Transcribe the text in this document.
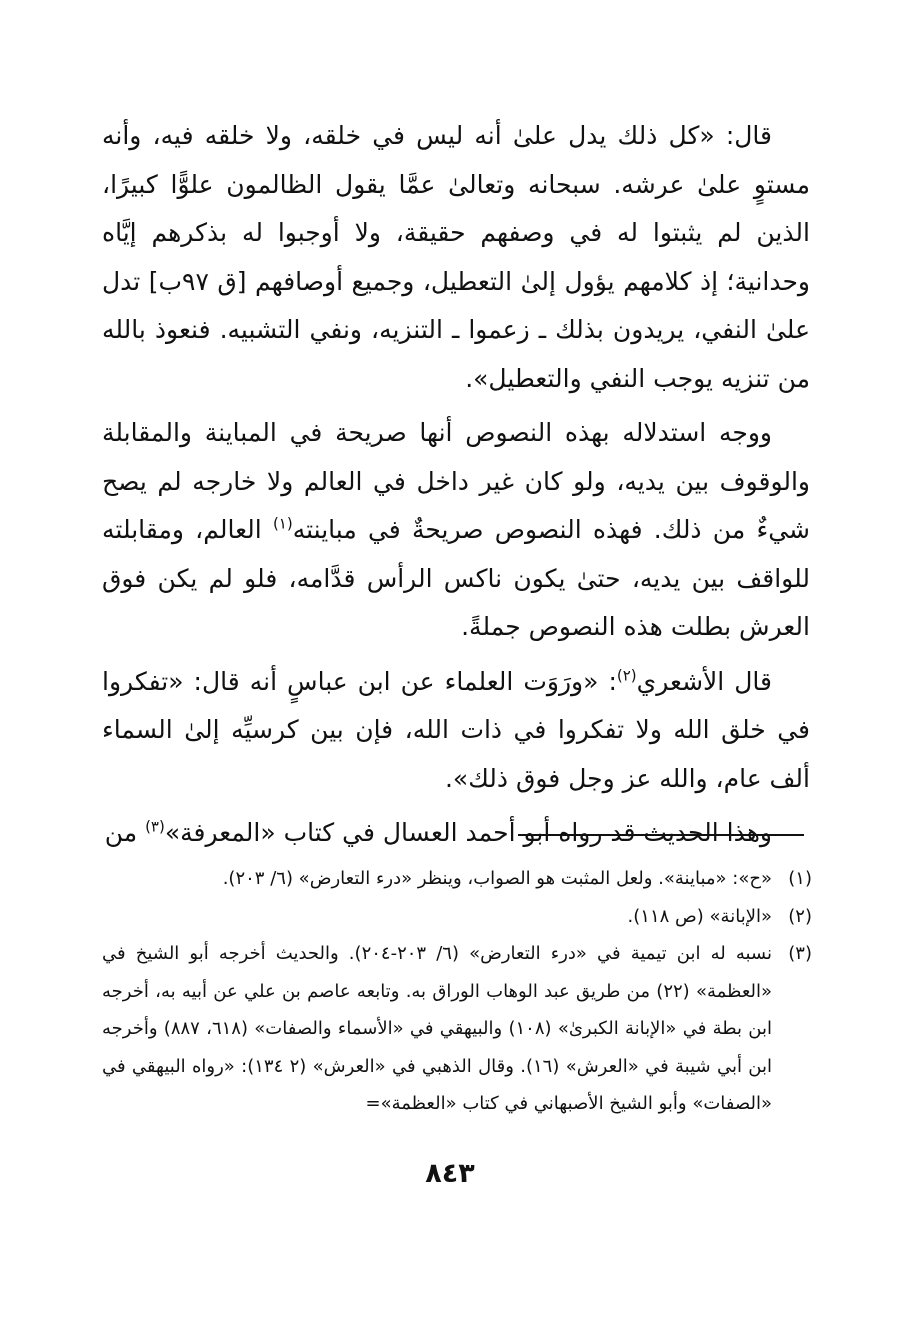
قال: «كل ذلك يدل علىٰ أنه ليس في خلقه، ولا خلقه فيه، وأنه مستوٍ علىٰ عرشه. سبحانه وتعالىٰ عمَّا يقول الظالمون علوًّا كبيرًا، الذين لم يثبتوا له في وصفهم حقيقة، ولا أوجبوا له بذكرهم إيَّاه وحدانية؛ إذ كلامهم يؤول إلىٰ التعطيل، وجميع أوصافهم [ق ٩٧ب] تدل علىٰ النفي، يريدون بذلك ـ زعموا ـ التنزيه، ونفي التشبيه. فنعوذ بالله من تنزيه يوجب النفي والتعطيل».

ووجه استدلاله بهذه النصوص أنها صريحة في المباينة والمقابلة والوقوف بين يديه، ولو كان غير داخل في العالم ولا خارجه لم يصح شيءٌ من ذلك. فهذه النصوص صريحةٌ في مباينته$^{(١)}$ العالم، ومقابلته للواقف بين يديه، حتىٰ يكون ناكس الرأس قدَّامه، فلو لم يكن فوق العرش بطلت هذه النصوص جملةً.

قال الأشعري$^{(٢)}$: «ورَوَت العلماء عن ابن عباسٍ أنه قال: «تفكروا في خلق الله ولا تفكروا في ذات الله، فإن بين كرسيِّه إلىٰ السماء ألف عام، والله عز وجل فوق ذلك».

وهذا الحديث قد رواه أبو أحمد العسال في كتاب «المعرفة»$^{(٣)}$ من

(١)
«ح»: «مباينة». ولعل المثبت هو الصواب، وينظر «درء التعارض» (٦/ ٢٠٣).
(٢)
«الإبانة» (ص ١١٨).
(٣)
نسبه له ابن تيمية في «درء التعارض» (٦/ ٢٠٣-٢٠٤). والحديث أخرجه أبو الشيخ في «العظمة» (٢٢) من طريق عبد الوهاب الوراق به. وتابعه عاصم بن علي عن أبيه به، أخرجه ابن بطة في «الإبانة الكبرىٰ» (١٠٨) والبيهقي في «الأسماء والصفات» (٦١٨، ٨٨٧) وأخرجه ابن أبي شيبة في «العرش» (١٦). وقال الذهبي في «العرش» (٢ ١٣٤): «رواه البيهقي في «الصفات» وأبو الشيخ الأصبهاني في كتاب «العظمة»=
٨٤٣
